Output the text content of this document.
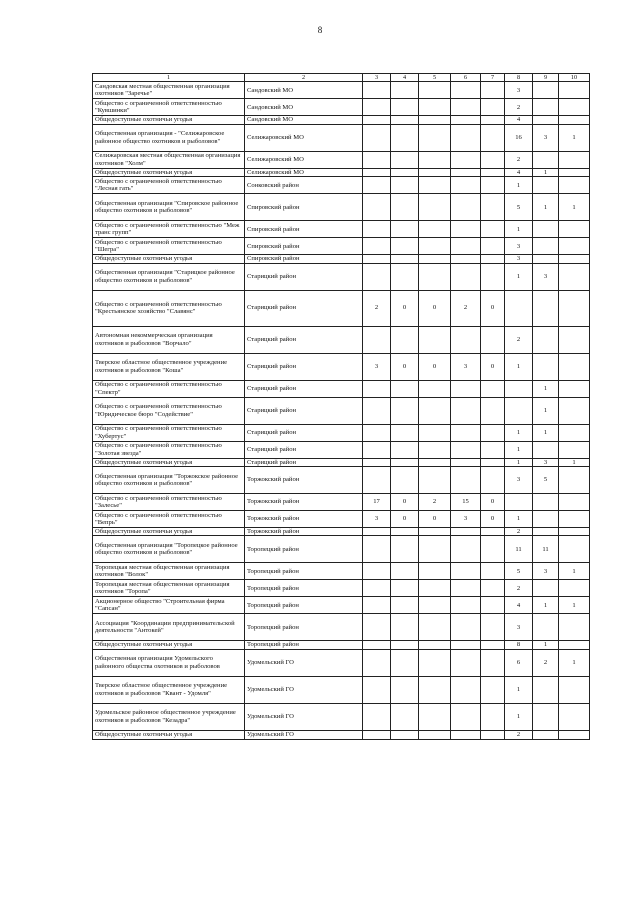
8
1	2	3	4	5	6	7	8	9	10
Сандовская местная общественная организация охотников "Заречье"	Сандовский МО						3		
Общество с ограниченной ответственностью "Кувшинки"	Сандовский МО						2		
Общедоступные охотничьи угодья	Сандовский МО						4		
Общественная организация - "Селижаровское районное общество охотников и рыболовов"	Селижаровский МО						16	3	1
Селижаровская местная общественная организация охотников "Холм"	Селижаровский МО						2		
Общедоступные охотничьи угодья	Селижаровский МО						4	1	
Общество с ограниченной ответственностью "Лесная гать"	Сонковский район						1		
Общественная организация "Спировское районное общество охотников и рыболовов"	Спировский район						5	1	1
Общество с ограниченной ответственностью "Меж транс групп"	Спировский район						1		
Общество с ограниченной ответственностью "Шегра"	Спировский район						3		
Общедоступные охотничьи угодья	Спировский район						3		
Общественная организация "Старицкое районное общество охотников и рыболовов"	Старицкий район						1	3	
Общество с ограниченной ответственностью "Крестьянское хозяйство "Славянс"	Старицкий район	2	0	0	2	0			
Автономная некоммерческая организация охотников и рыболовов "Ворчало"	Старицкий район						2		
Тверское областное общественное учреждение охотников и рыболовов "Коша"	Старицкий район	3	0	0	3	0	1		
Общество с ограниченной ответственностью "Спектр"	Старицкий район							1	
Общество с ограниченной ответственностью "Юридическое бюро "Содействие"	Старицкий район							1	
Общество с ограниченной ответственностью "Хубертус"	Старицкий район						1	1	
Общество с ограниченной ответственностью "Золотая звезда"	Старицкий район						1		
Общедоступные охотничьи угодья	Старицкий район						1	3	1
Общественная организация "Торжокское районное общество охотников и рыболовов"	Торжокский район						3	5	
Общество с ограниченной ответственностью "Залесье"	Торжокский район	17	0	2	15	0			
Общество с ограниченной ответственностью "Вепрь"	Торжокский район	3	0	0	3	0	1		
Общедоступные охотничьи угодья	Торжокский район						2		
Общественная организация "Торопецкое районное общество охотников и рыболовов"	Торопецкий район						11	11	
Торопецкая местная общественная организация охотников "Волок"	Торопецкий район						5	3	1
Торопецкая местная общественная организация охотников "Торопа"	Торопецкий район						2		
Акционерное общество "Строительная фирма "Сапсан"	Торопецкий район						4	1	1
Ассоциация "Координации предпринимательской деятельности "Антокей"	Торопецкий район						3		
Общедоступные охотничьи угодья	Торопецкий район						8	1	
Общественная организация Удомельского районного общества охотников и рыболовов	Удомельский ГО						6	2	1
Тверское областное общественное учреждение охотников и рыболовов "Квант - Удомля"	Удомельский ГО						1		
Удомельское районное общественное учреждение охотников и рыболовов "Кезадра"	Удомельский ГО						1		
Общедоступные охотничьи угодья	Удомельский ГО						2		
